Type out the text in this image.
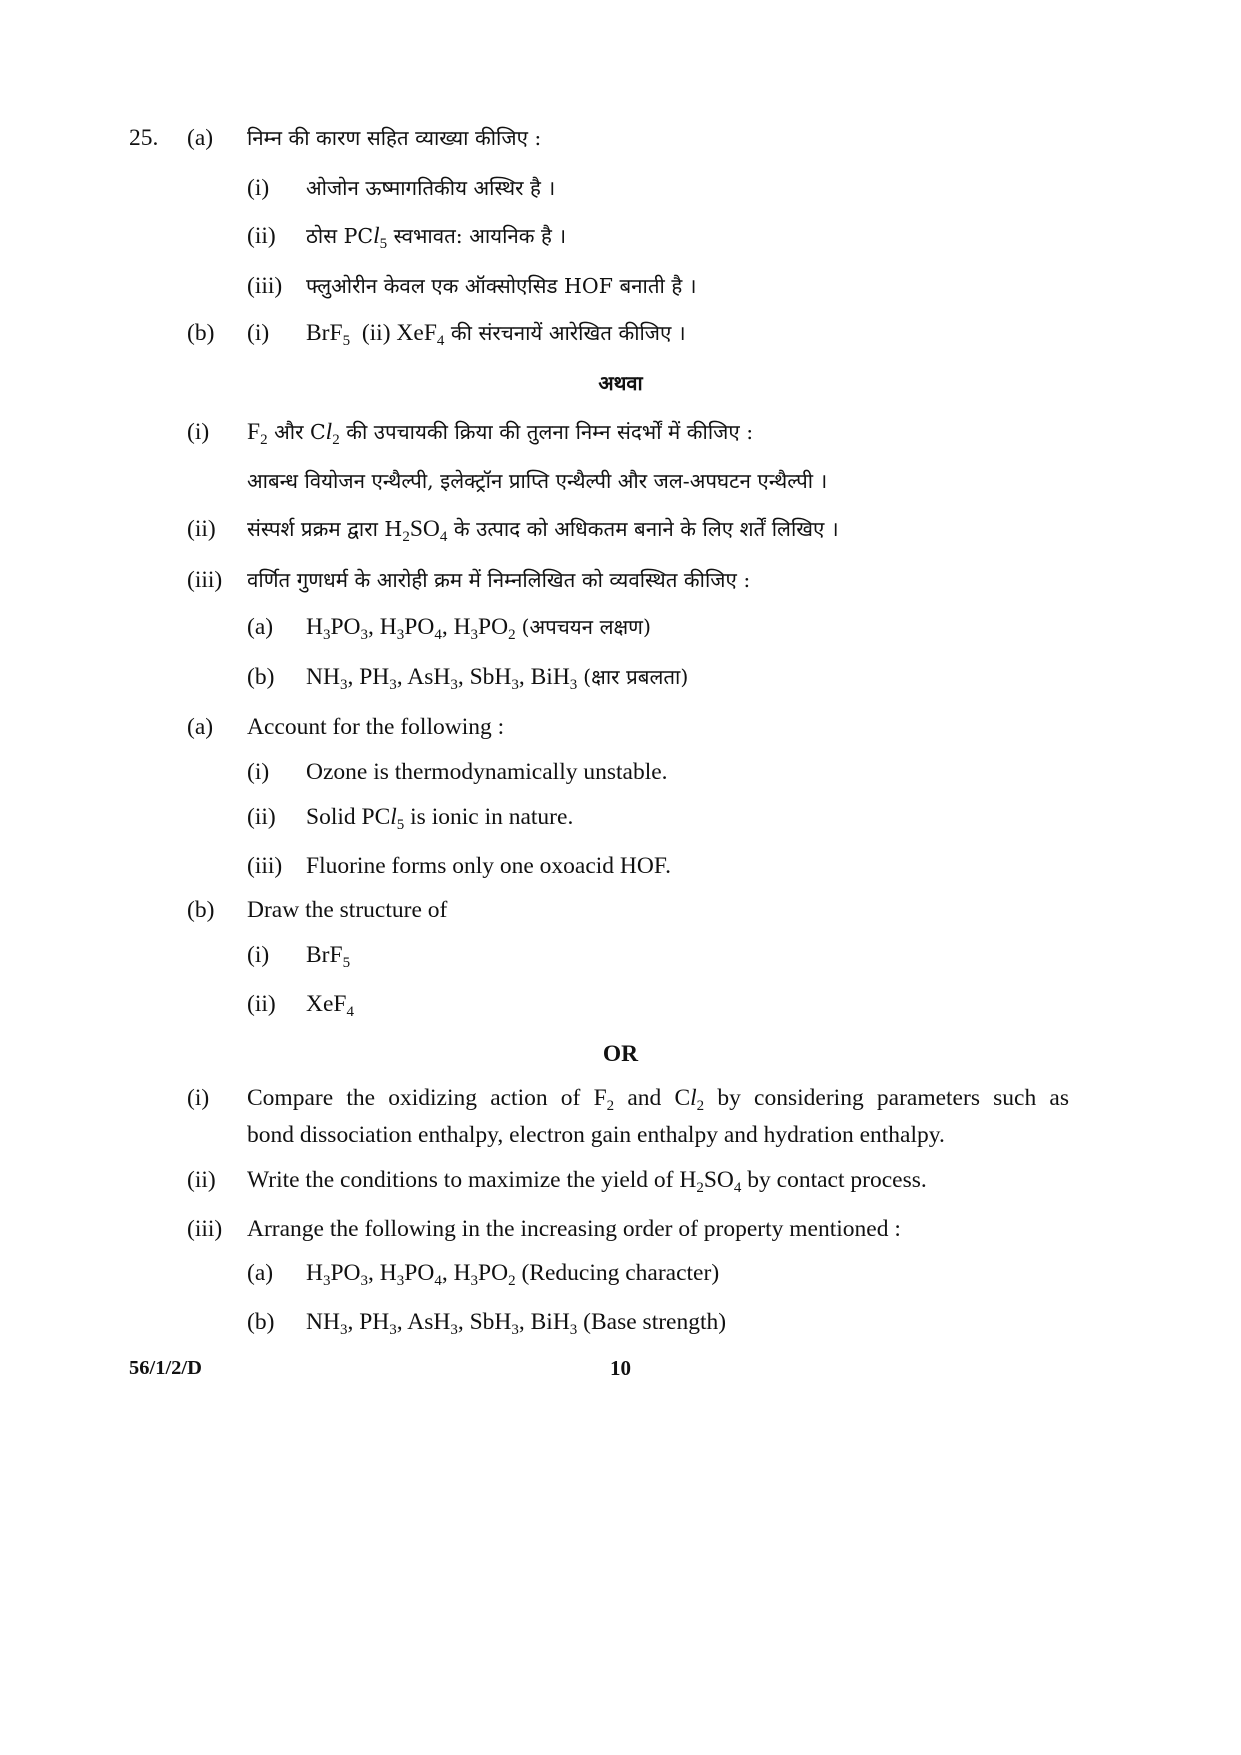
25. (a) निम्न की कारण सहित व्याख्या कीजिए :
(i) ओजोन ऊष्मागतिकीय अस्थिर है ।
(ii) ठोस PCl$_5$ स्वभावत: आयनिक है ।
(iii) फ्लुओरीन केवल एक ऑक्सोएसिड HOF बनाती है ।
(b) (i) BrF$_5$  (ii) XeF$_4$ की संरचनायें आरेखित कीजिए ।
अथवा
(i) $F_2$ और $Cl_2$ की उपचायकी क्रिया की तुलना निम्न संदर्भों में कीजिए :
आबन्ध वियोजन एन्थैल्पी, इलेक्ट्रॉन प्राप्ति एन्थैल्पी और जल-अपघटन एन्थैल्पी ।
(ii) संस्पर्श प्रक्रम द्वारा $H_2SO_4$ के उत्पाद को अधिकतम बनाने के लिए शर्तें लिखिए ।
(iii) वर्णित गुणधर्म के आरोही क्रम में निम्नलिखित को व्यवस्थित कीजिए :
(a) $H_3PO_3$, $H_3PO_4$, $H_3PO_2$ (अपचयन लक्षण)
(b) $NH_3$, $PH_3$, AsH$_3$, SbH$_3$, BiH$_3$ (क्षार प्रबलता)
(a) Account for the following :
(i) Ozone is thermodynamically unstable.
(ii) Solid PCl$_5$ is ionic in nature.
(iii) Fluorine forms only one oxoacid HOF.
(b) Draw the structure of
(i) BrF$_5$
(ii) XeF$_4$
OR
(i) Compare the oxidizing action of $F_2$ and $Cl_2$ by considering parameters such as
bond dissociation enthalpy, electron gain enthalpy and hydration enthalpy.
(ii) Write the conditions to maximize the yield of $H_2SO_4$ by contact process.
(iii) Arrange the following in the increasing order of property mentioned :
(a) $H_3PO_3$, $H_3PO_4$, $H_3PO_2$ (Reducing character)
(b) $NH_3$, $PH_3$, AsH$_3$, SbH$_3$, BiH$_3$ (Base strength)
56/1/2/D	10
